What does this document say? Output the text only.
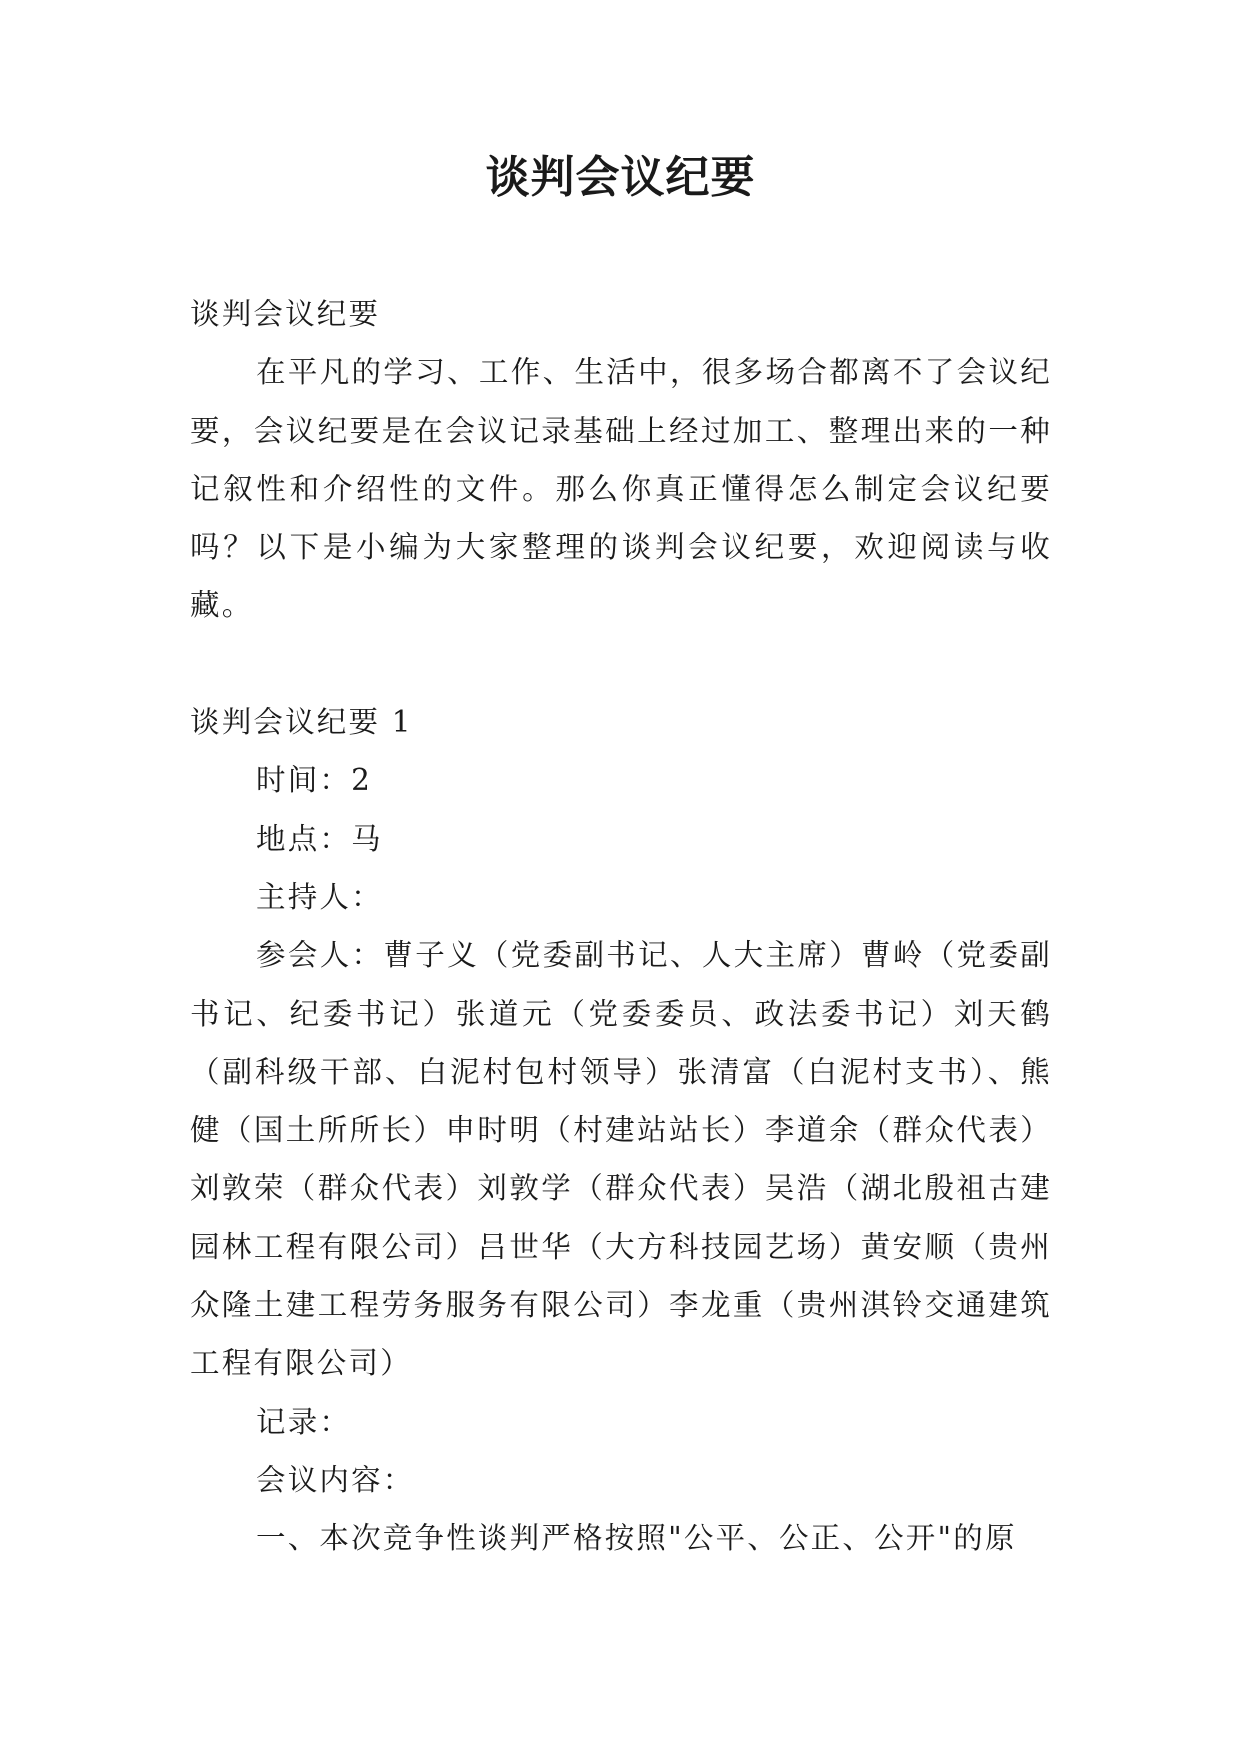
谈判会议纪要

谈判会议纪要

在平凡的学习、工作、生活中，很多场合都离不了会议纪要，会议纪要是在会议记录基础上经过加工、整理出来的一种记叙性和介绍性的文件。那么你真正懂得怎么制定会议纪要吗？以下是小编为大家整理的谈判会议纪要，欢迎阅读与收藏。

谈判会议纪要 1

时间：2

地点：马

主持人：

参会人：曹子义（党委副书记、人大主席）曹岭（党委副书记、纪委书记）张道元（党委委员、政法委书记）刘天鹤（副科级干部、白泥村包村领导）张清富（白泥村支书）、熊健（国土所所长）申时明（村建站站长）李道余（群众代表）刘敦荣（群众代表）刘敦学（群众代表）吴浩（湖北殷祖古建园林工程有限公司）吕世华（大方科技园艺场）黄安顺（贵州众隆土建工程劳务服务有限公司）李龙重（贵州淇铃交通建筑工程有限公司）

记录：

会议内容：

一、本次竞争性谈判严格按照"公平、公正、公开"的原
